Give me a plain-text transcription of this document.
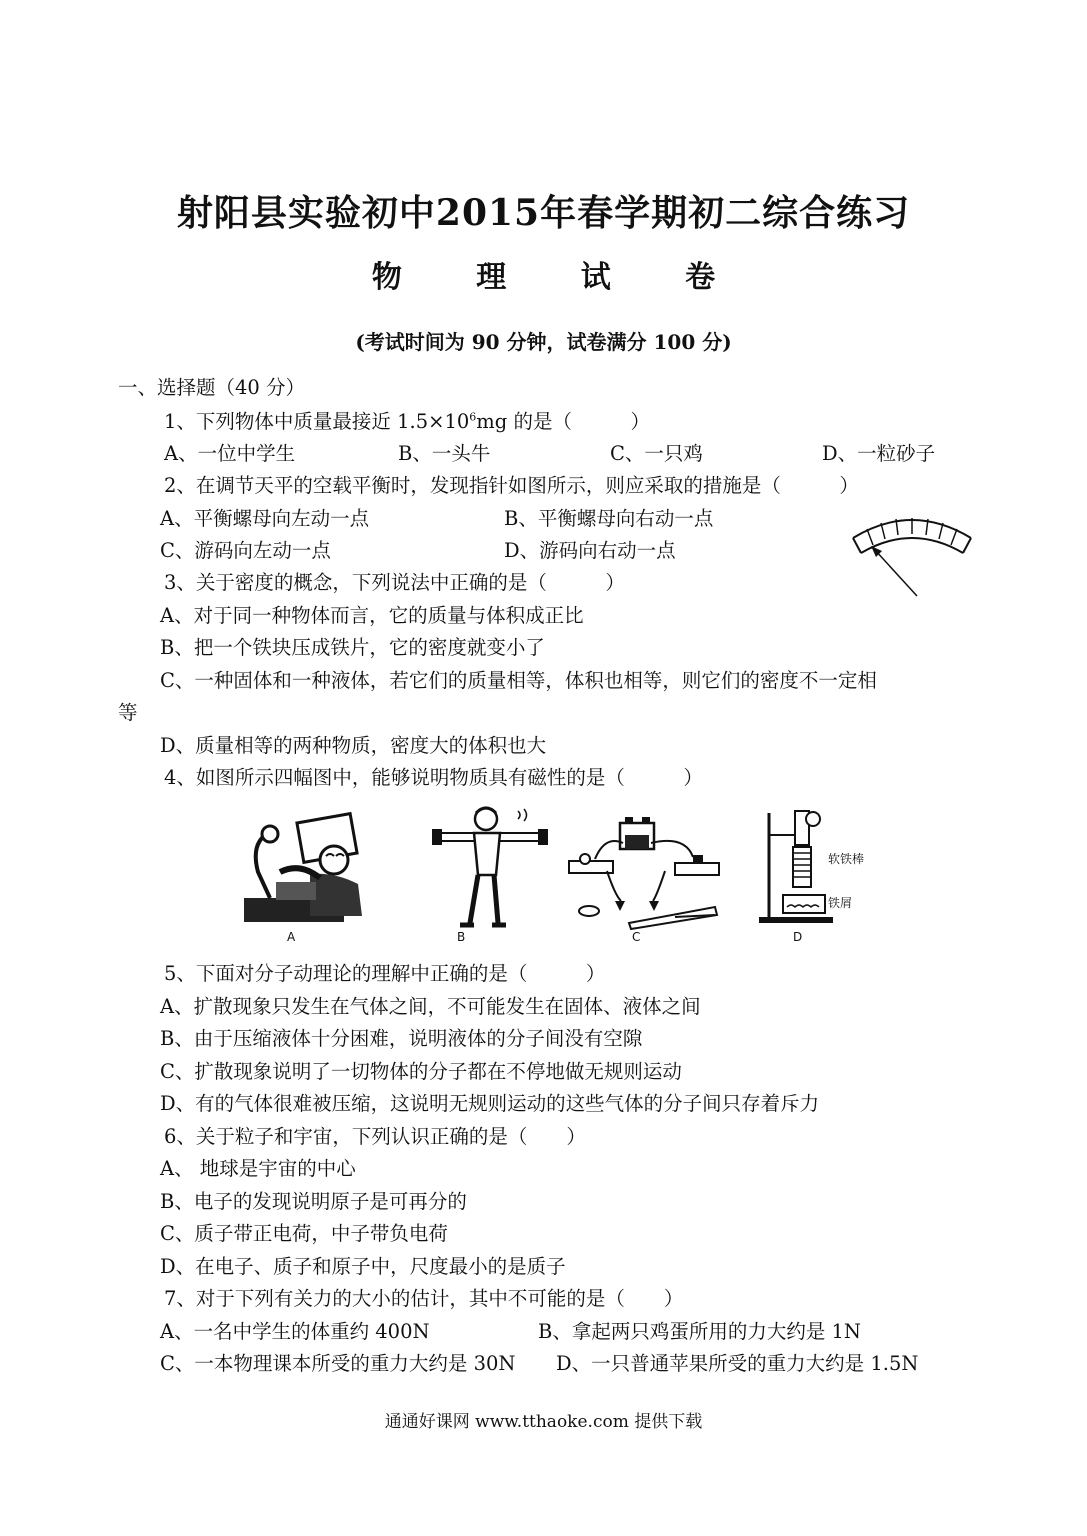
射阳县实验初中2015年春学期初二综合练习
物 理 试 卷
(考试时间为 90 分钟，试卷满分 100 分)
一、选择题（40 分）
1、下列物体中质量最接近 $1.5\times 10^6mg$ 的是（　　　）
A、一位中学生	B、一头牛	C、一只鸡	D、一粒砂子
2、在调节天平的空载平衡时，发现指针如图所示，则应采取的措施是（　　　）
A、平衡螺母向左动一点	B、平衡螺母向右动一点
C、游码向左动一点	D、游码向右动一点
3、关于密度的概念，下列说法中正确的是（　　　）
A、对于同一种物体而言，它的质量与体积成正比
B、把一个铁块压成铁片，它的密度就变小了
C、一种固体和一种液体，若它们的质量相等，体积也相等，则它们的密度不一定相
等
D、质量相等的两种物质，密度大的体积也大
4、如图所示四幅图中，能够说明物质具有磁性的是（　　　）
A	B	C
软铁棒
铁屑
D
5、下面对分子动理论的理解中正确的是（　　　）
A、扩散现象只发生在气体之间，不可能发生在固体、液体之间
B、由于压缩液体十分困难，说明液体的分子间没有空隙
C、扩散现象说明了一切物体的分子都在不停地做无规则运动
D、有的气体很难被压缩，这说明无规则运动的这些气体的分子间只存着斥力
6、关于粒子和宇宙，下列认识正确的是（　　）
A、 地球是宇宙的中心
B、电子的发现说明原子是可再分的
C、质子带正电荷，中子带负电荷
D、在电子、质子和原子中，尺度最小的是质子
7、对于下列有关力的大小的估计，其中不可能的是（　　）
A、一名中学生的体重约 400N	B、拿起两只鸡蛋所用的力大约是 1N
C、一本物理课本所受的重力大约是 30N D、一只普通苹果所受的重力大约是 1.5N
通通好课网 www.tthaoke.com 提供下载
